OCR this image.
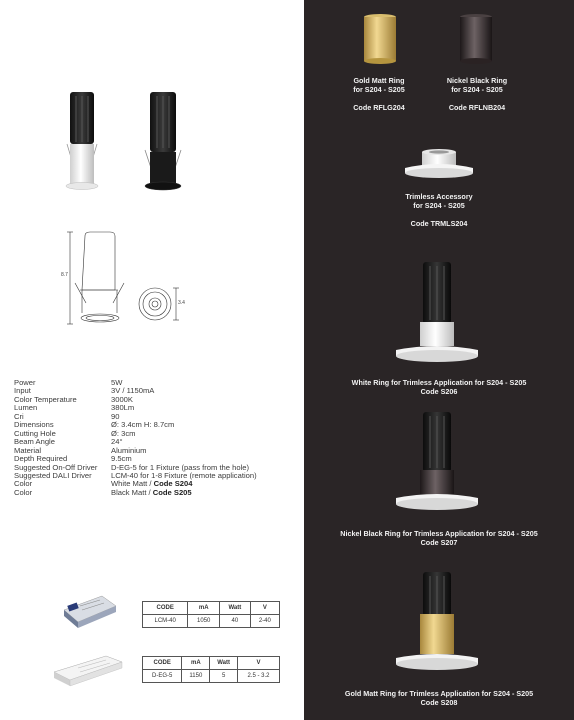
8.7
3.4
Power	5W
Input	3V / 1150mA
Color Temperature	3000K
Lumen	380Lm
Cri	90
Dimensions	Ø: 3.4cm H: 8.7cm
Cutting Hole	Ø: 3cm
Beam Angle	24°
Material	Aluminium
Depth Required	9.5cm
Suggested On-Off Driver	D-EG-5 for 1 Fixture (pass from the hole)
Suggested DALI Driver	LCM-40 for 1-8 Fixture (remote application)
Color	White Matt / Code S204
Color	Black Matt / Code S205
CODE	mA	Watt	V
LCM-40	1050	40	2-40
CODE	mA	Watt	V
D-EG-5	1150	5	2.5 - 3.2
Gold Matt Ring
for S204 - S205
Code RFLG204
Nickel Black Ring
for S204 - S205
Code RFLNB204
Trimless Accessory
for S204 - S205
Code TRMLS204
White Ring for Trimless Application for S204 - S205
Code S206
Nickel Black Ring for Trimless Application for S204 - S205
Code S207
Gold Matt Ring for Trimless Application for S204 - S205
Code S208
